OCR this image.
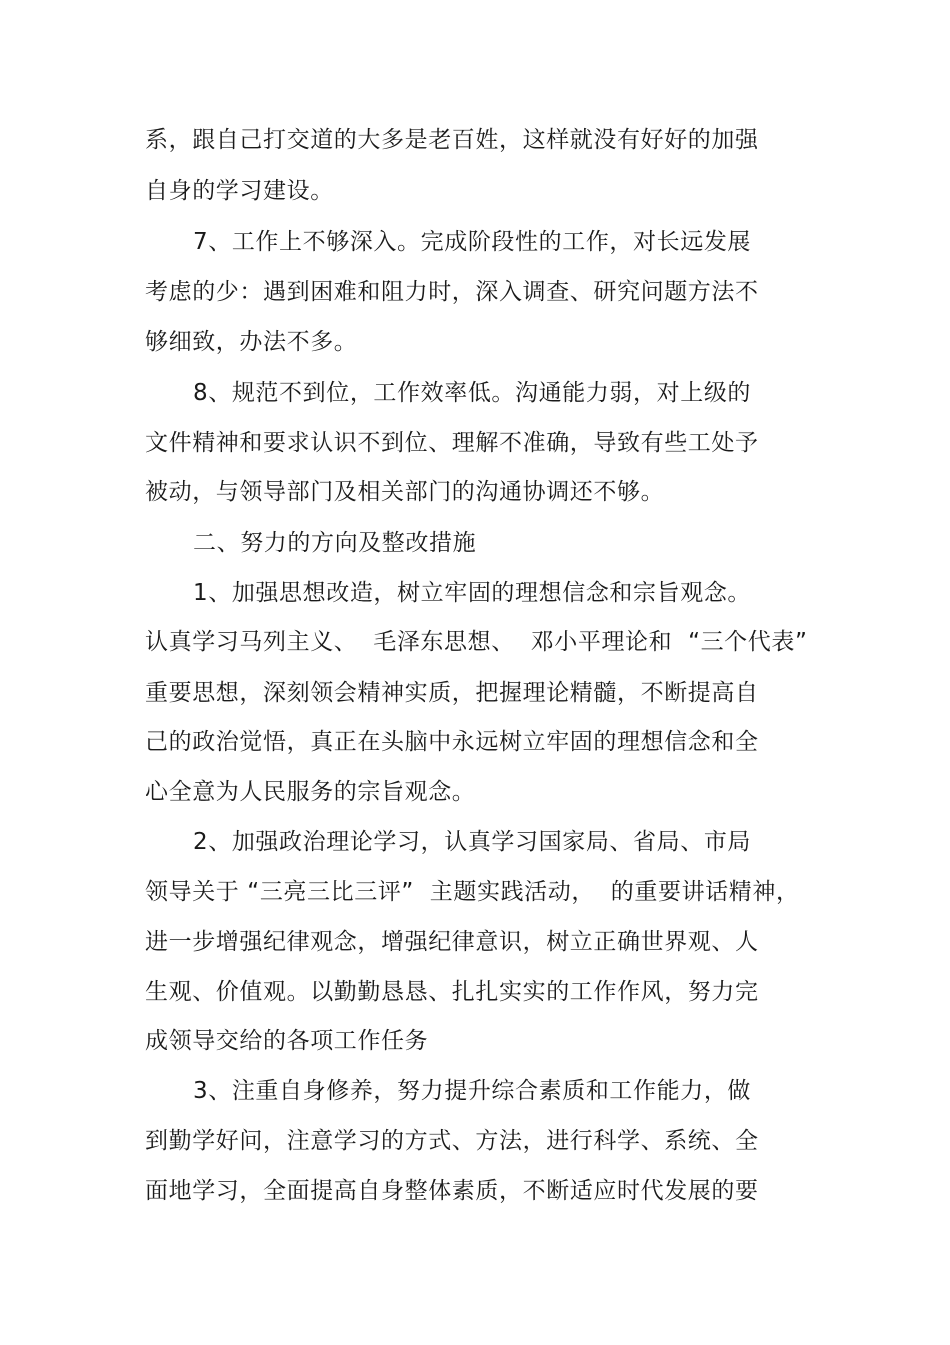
系，跟自己打交道的大多是老百姓，这样就没有好好的加强
自身的学习建设。
7、工作上不够深入。完成阶段性的工作，对长远发展
考虑的少：遇到困难和阻力时，深入调查、研究问题方法不
够细致，办法不多。
8、规范不到位，工作效率低。沟通能力弱，对上级的
文件精神和要求认识不到位、理解不准确，导致有些工处予
被动，与领导部门及相关部门的沟通协调还不够。
二、努力的方向及整改措施
1、加强思想改造，树立牢固的理想信念和宗旨观念。
认真学习马列主义、  毛泽东思想、  邓小平理论和  “三个代表”
重要思想，深刻领会精神实质，把握理论精髓，不断提高自
己的政治觉悟，真正在头脑中永远树立牢固的理想信念和全
心全意为人民服务的宗旨观念。
2、加强政治理论学习，认真学习国家局、省局、市局
领导关于 “三亮三比三评”  主题实践活动，  的重要讲话精神，
进一步增强纪律观念，增强纪律意识，树立正确世界观、人
生观、价值观。以勤勤恳恳、扎扎实实的工作作风，努力完
成领导交给的各项工作任务
3、注重自身修养，努力提升综合素质和工作能力，做
到勤学好问，注意学习的方式、方法，进行科学、系统、全
面地学习，全面提高自身整体素质，不断适应时代发展的要
